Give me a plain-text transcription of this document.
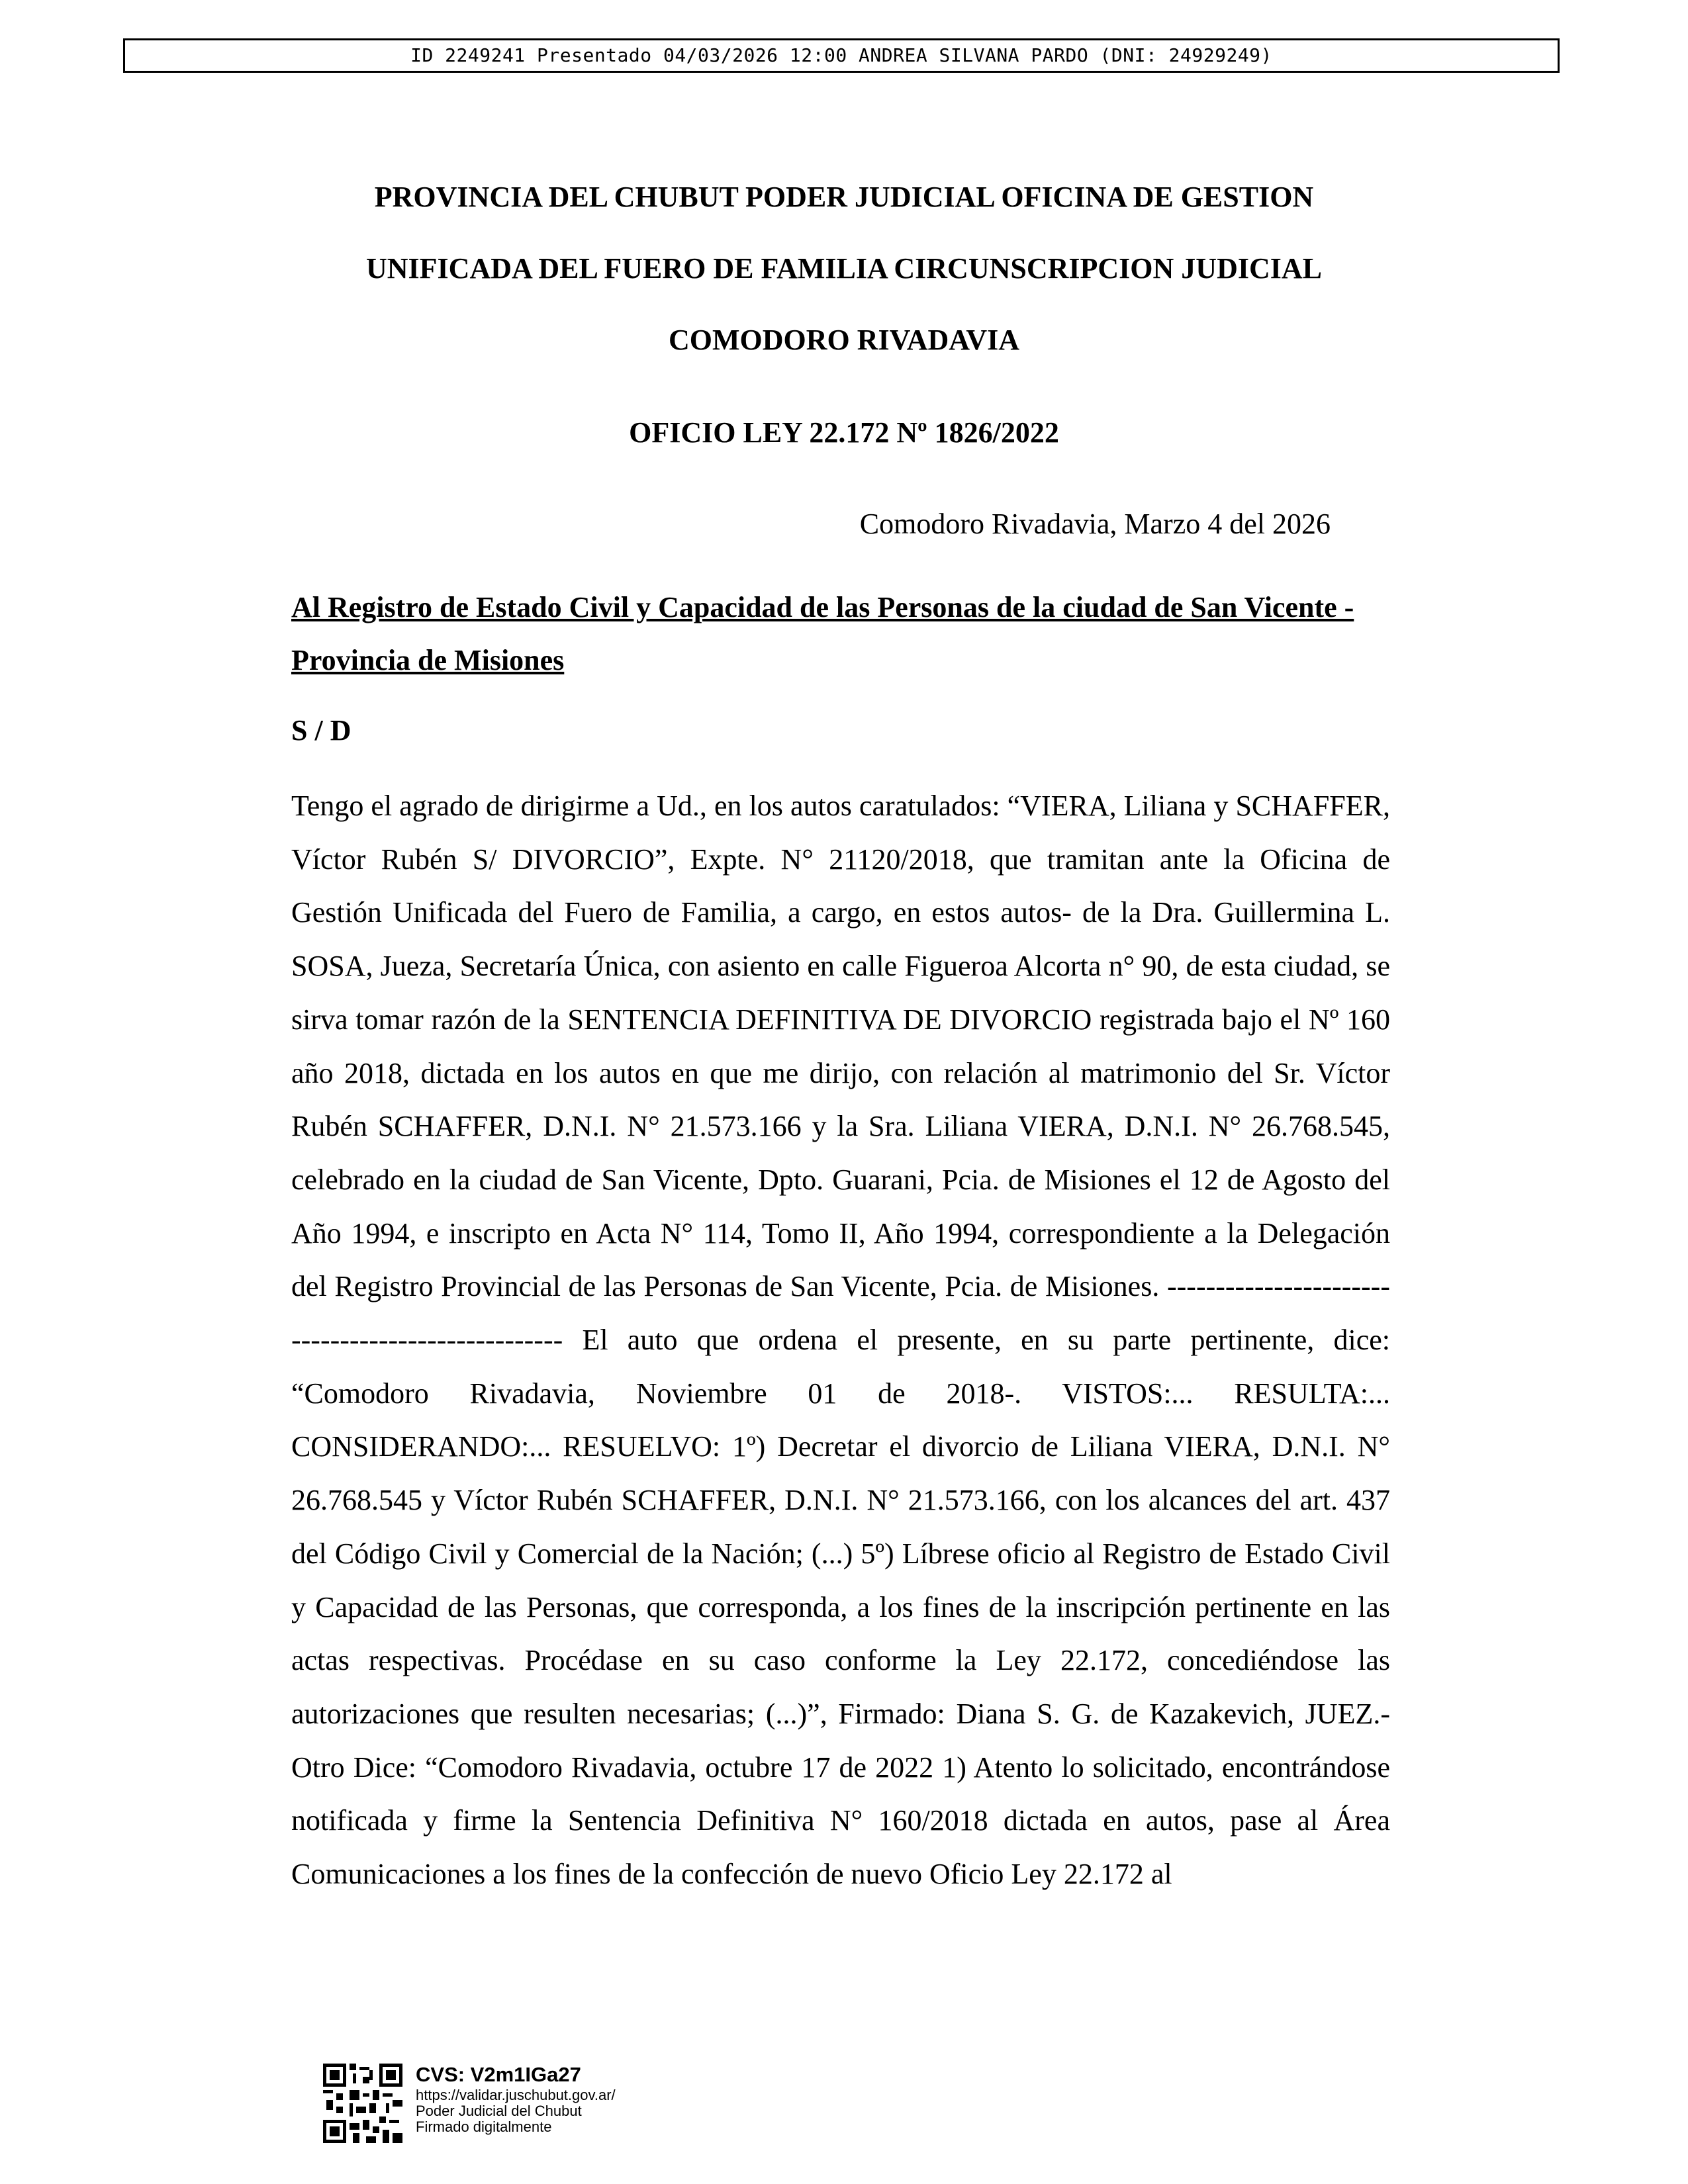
ID 2249241 Presentado 04/03/2026 12:00 ANDREA SILVANA PARDO (DNI: 24929249)
PROVINCIA DEL CHUBUT PODER JUDICIAL OFICINA DE GESTION
UNIFICADA DEL FUERO DE FAMILIA CIRCUNSCRIPCION JUDICIAL
COMODORO RIVADAVIA
OFICIO LEY 22.172 Nº 1826/2022
Comodoro Rivadavia, Marzo 4 del 2026
Al Registro de Estado Civil y Capacidad de las Personas de la ciudad de San Vicente - Provincia de Misiones
S / D

Tengo el agrado de dirigirme a Ud., en los autos caratulados: “VIERA, Liliana y SCHAFFER, Víctor Rubén S/ DIVORCIO”, Expte. N° 21120/2018, que tramitan ante la Oficina de Gestión Unificada del Fuero de Familia, a cargo, en estos autos- de la Dra. Guillermina L. SOSA, Jueza, Secretaría Única, con asiento en calle Figueroa Alcorta n° 90, de esta ciudad, se sirva tomar razón de la SENTENCIA DEFINITIVA DE DIVORCIO registrada bajo el Nº 160 año 2018, dictada en los autos en que me dirijo, con relación al matrimonio del Sr. Víctor Rubén SCHAFFER, D.N.I. N° 21.573.166 y la Sra. Liliana VIERA, D.N.I. N° 26.768.545, celebrado en la ciudad de San Vicente, Dpto. Guarani, Pcia. de Misiones el 12 de Agosto del Año 1994, e inscripto en Acta N° 114, Tomo II, Año 1994, correspondiente a la Delegación del Registro Provincial de las Personas de San Vicente, Pcia. de Misiones. --------------------------------------------------- El auto que ordena el presente, en su parte pertinente, dice: “Comodoro Rivadavia, Noviembre 01 de 2018-. VISTOS:... RESULTA:... CONSIDERANDO:... RESUELVO: 1º) Decretar el divorcio de Liliana VIERA, D.N.I. N° 26.768.545 y Víctor Rubén SCHAFFER, D.N.I. N° 21.573.166, con los alcances del art. 437 del Código Civil y Comercial de la Nación; (...) 5º) Líbrese oficio al Registro de Estado Civil y Capacidad de las Personas, que corresponda, a los fines de la inscripción pertinente en las actas respectivas. Procédase en su caso conforme la Ley 22.172, concediéndose las autorizaciones que resulten necesarias; (...)”, Firmado: Diana S. G. de Kazakevich, JUEZ.- Otro Dice: “Comodoro Rivadavia, octubre 17 de 2022 1) Atento lo solicitado, encontrándose notificada y firme la Sentencia Definitiva N° 160/2018 dictada en autos, pase al Área Comunicaciones a los fines de la confección de nuevo Oficio Ley 22.172 al

CVS: V2m1IGa27
https://validar.juschubut.gov.ar/
Poder Judicial del Chubut
Firmado digitalmente
